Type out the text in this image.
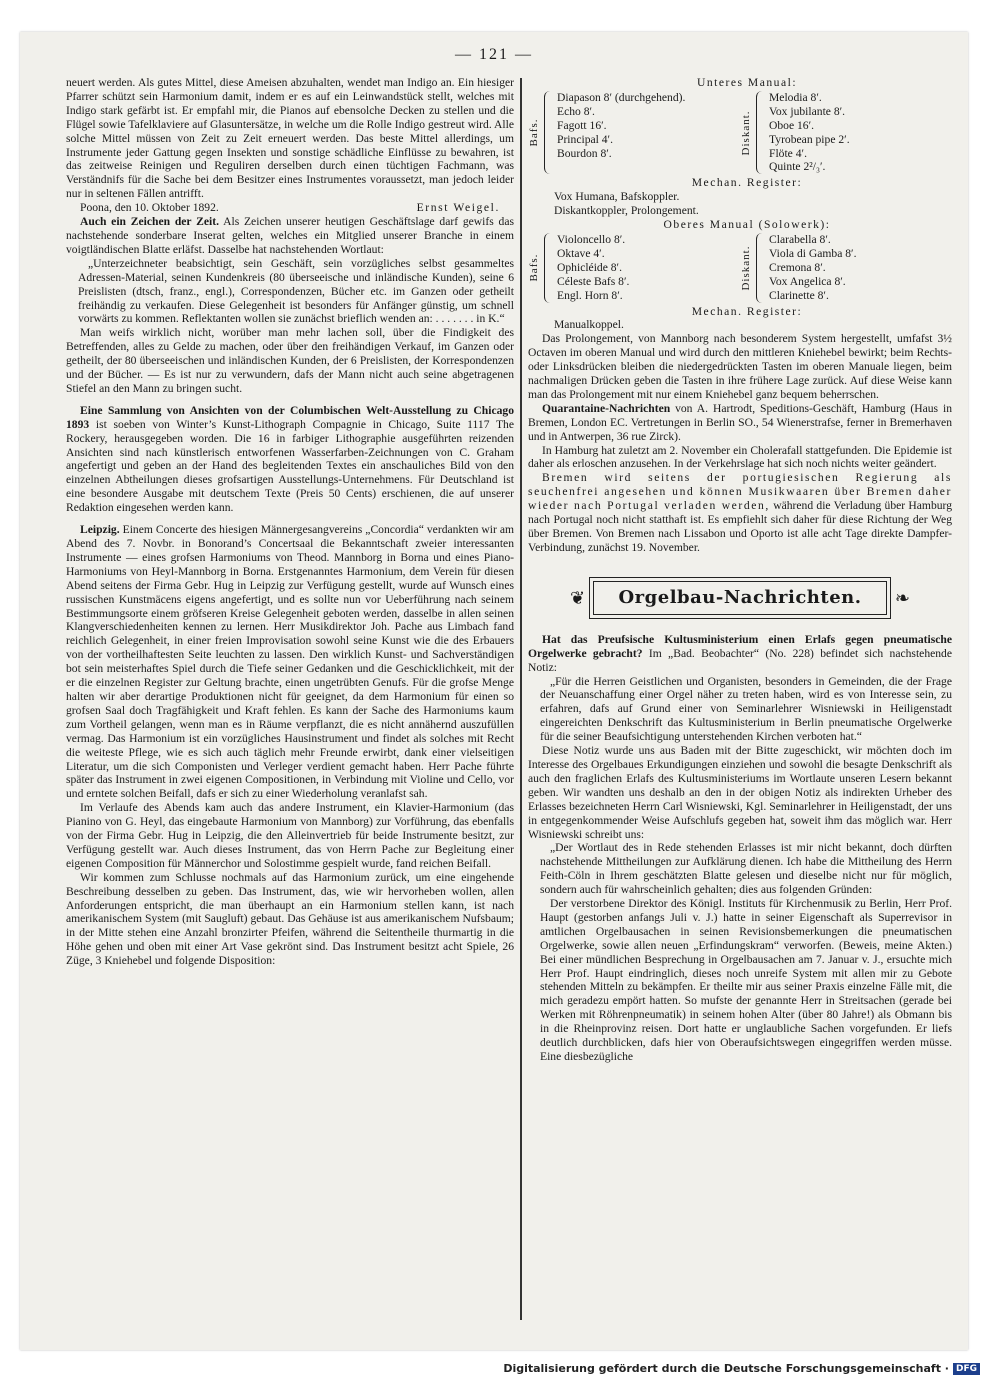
— 121 —

neuert werden. Als gutes Mittel, diese Ameisen abzuhalten, wendet man Indigo an. Ein hiesiger Pfarrer schützt sein Harmonium damit, indem er es auf ein Leinwandstück stellt, welches mit Indigo stark gefärbt ist. Er empfahl mir, die Pianos auf ebensolche Decken zu stellen und die Flügel sowie Tafelklaviere auf Glasuntersätze, in welche um die Rolle Indigo gestreut wird. Alle solche Mittel müssen von Zeit zu Zeit erneuert werden. Das beste Mittel allerdings, um Instrumente jeder Gattung gegen Insekten und sonstige schädliche Einflüsse zu bewahren, ist das zeitweise Reinigen und Reguliren derselben durch einen tüchtigen Fachmann, was Verständnifs für die Sache bei dem Besitzer eines Instrumentes voraussetzt, man jedoch leider nur in seltenen Fällen antrifft.

Poona, den 10. Oktober 1892.	Ernst Weigel.

Auch ein Zeichen der Zeit. Als Zeichen unserer heutigen Geschäftslage darf gewifs das nachstehende sonderbare Inserat gelten, welches ein Mitglied unserer Branche in einem voigtländischen Blatte erläfst. Dasselbe hat nachstehenden Wortlaut:

„Unterzeichneter beabsichtigt, sein Geschäft, sein vorzügliches selbst gesammeltes Adressen-Material, seinen Kundenkreis (80 überseeische und inländische Kunden), seine 6 Preislisten (dtsch, franz., engl.), Correspondenzen, Bücher etc. im Ganzen oder getheilt freihändig zu verkaufen. Diese Gelegenheit ist besonders für Anfänger günstig, um schnell vorwärts zu kommen. Reflektanten wollen sie zunächst brieflich wenden an: . . . . . . . in K.“

Man weifs wirklich nicht, worüber man mehr lachen soll, über die Findigkeit des Betreffenden, alles zu Gelde zu machen, oder über den freihändigen Verkauf, im Ganzen oder getheilt, der 80 überseeischen und inländischen Kunden, der 6 Preislisten, der Korrespondenzen und der Bücher. — Es ist nur zu verwundern, dafs der Mann nicht auch seine abgetragenen Stiefel an den Mann zu bringen sucht.

Eine Sammlung von Ansichten von der Columbischen Welt-Ausstellung zu Chicago 1893 ist soeben von Winter’s Kunst-Lithograph Compagnie in Chicago, Suite 1117 The Rockery, herausgegeben worden. Die 16 in farbiger Lithographie ausgeführten reizenden Ansichten sind nach künstlerisch entworfenen Wasserfarben-Zeichnungen von C. Graham angefertigt und geben an der Hand des begleitenden Textes ein anschauliches Bild von den einzelnen Abtheilungen dieses grofsartigen Ausstellungs-Unternehmens. Für Deutschland ist eine besondere Ausgabe mit deutschem Texte (Preis 50 Cents) erschienen, die auf unserer Redaktion eingesehen werden kann.

Leipzig. Einem Concerte des hiesigen Männergesangvereins „Concordia“ verdankten wir am Abend des 7. Novbr. in Bonorand’s Concertsaal die Bekanntschaft zweier interessanten Instrumente — eines grofsen Harmoniums von Theod. Mannborg in Borna und eines Piano-Harmoniums von Heyl-Mannborg in Borna. Erstgenanntes Harmonium, dem Verein für diesen Abend seitens der Firma Gebr. Hug in Leipzig zur Verfügung gestellt, wurde auf Wunsch eines russischen Kunstmäcens eigens angefertigt, und es sollte nun vor Ueberführung nach seinem Bestimmungsorte einem gröfseren Kreise Gelegenheit geboten werden, dasselbe in allen seinen Klangverschiedenheiten kennen zu lernen. Herr Musikdirektor Joh. Pache aus Limbach fand reichlich Gelegenheit, in einer freien Improvisation sowohl seine Kunst wie die des Erbauers von der vortheilhaftesten Seite leuchten zu lassen. Den wirklich Kunst- und Sachverständigen bot sein meisterhaftes Spiel durch die Tiefe seiner Gedanken und die Geschicklichkeit, mit der er die einzelnen Register zur Geltung brachte, einen ungetrübten Genufs. Für die grofse Menge halten wir aber derartige Produktionen nicht für geeignet, da dem Harmonium für einen so grofsen Saal doch Tragfähigkeit und Kraft fehlen. Es kann der Sache des Harmoniums kaum zum Vortheil gelangen, wenn man es in Räume verpflanzt, die es nicht annähernd auszufüllen vermag. Das Harmonium ist ein vorzügliches Hausinstrument und findet als solches mit Recht die weiteste Pflege, wie es sich auch täglich mehr Freunde erwirbt, dank einer vielseitigen Literatur, um die sich Componisten und Verleger verdient gemacht haben. Herr Pache führte später das Instrument in zwei eigenen Compositionen, in Verbindung mit Violine und Cello, vor und erntete solchen Beifall, dafs er sich zu einer Wiederholung veranlafst sah.

Im Verlaufe des Abends kam auch das andere Instrument, ein Klavier-Harmonium (das Pianino von G. Heyl, das eingebaute Harmonium von Mannborg) zur Vorführung, das ebenfalls von der Firma Gebr. Hug in Leipzig, die den Alleinvertrieb für beide Instrumente besitzt, zur Verfügung gestellt war. Auch dieses Instrument, das von Herrn Pache zur Begleitung einer eigenen Composition für Männerchor und Solostimme gespielt wurde, fand reichen Beifall.

Wir kommen zum Schlusse nochmals auf das Harmonium zurück, um eine eingehende Beschreibung desselben zu geben. Das Instrument, das, wie wir hervorheben wollen, allen Anforderungen entspricht, die man überhaupt an ein Harmonium stellen kann, ist nach amerikanischem System (mit Saugluft) gebaut. Das Gehäuse ist aus amerikanischem Nufsbaum; in der Mitte stehen eine Anzahl bronzirter Pfeifen, während die Seitentheile thurmartig in die Höhe gehen und oben mit einer Art Vase gekrönt sind. Das Instrument besitzt acht Spiele, 26 Züge, 3 Kniehebel und folgende Disposition:

Unteres Manual:

Bafs.
Diapason 8′ (durchgehend).
Echo 8′.
Fagott 16′.
Principal 4′.
Bourdon 8′.	Diskant.
Melodia 8′.
Vox jubilante 8′.
Oboe 16′.
Tyrobean pipe 2′.
Flöte 4′.
Quinte 2²/₃′.

Mechan. Register:

Vox Humana, Bafskoppler.
Diskantkoppler, Prolongement.

Oberes Manual (Solowerk):

Bafs.
Violoncello 8′.
Oktave 4′.
Ophicléide 8′.
Céleste Bafs 8′.
Engl. Horn 8′.
Diskant.
Clarabella 8′.
Viola di Gamba 8′.
Cremona 8′.
Vox Angelica 8′.
Clarinette 8′.

Mechan. Register:

Manualkoppel.

Das Prolongement, von Mannborg nach besonderem System hergestellt, umfafst 3½ Octaven im oberen Manual und wird durch den mittleren Kniehebel bewirkt; beim Rechts- oder Linksdrücken bleiben die niedergedrückten Tasten im oberen Manuale liegen, beim nachmaligen Drücken geben die Tasten in ihre frühere Lage zurück. Auf diese Weise kann man das Prolongement mit nur einem Kniehebel ganz bequem beherrschen.

Quarantaine-Nachrichten von A. Hartrodt, Speditions-Geschäft, Hamburg (Haus in Bremen, London EC. Vertretungen in Berlin SO., 54 Wienerstrafse, ferner in Bremerhaven und in Antwerpen, 36 rue Zirck).

In Hamburg hat zuletzt am 2. November ein Cholerafall stattgefunden. Die Epidemie ist daher als erloschen anzusehen. In der Verkehrslage hat sich noch nichts weiter geändert.

Bremen wird seitens der portugiesischen Regierung als seuchenfrei angesehen und können Musikwaaren über Bremen daher wieder nach Portugal verladen werden, während die Verladung über Hamburg nach Portugal noch nicht statthaft ist. Es empfiehlt sich daher für diese Richtung der Weg über Bremen. Von Bremen nach Lissabon und Oporto ist alle acht Tage direkte Dampfer-Verbindung, zunächst 19. November.

❦ Orgelbau-Nachrichten. ❧

Hat das Preufsische Kultusministerium einen Erlafs gegen pneumatische Orgelwerke gebracht? Im „Bad. Beobachter“ (No. 228) befindet sich nachstehende Notiz:

„Für die Herren Geistlichen und Organisten, besonders in Gemeinden, die der Frage der Neuanschaffung einer Orgel näher zu treten haben, wird es von Interesse sein, zu erfahren, dafs auf Grund einer von Seminarlehrer Wisniewski in Heiligenstadt eingereichten Denkschrift das Kultusministerium in Berlin pneumatische Orgelwerke für die seiner Beaufsichtigung unterstehenden Kirchen verboten hat.“

Diese Notiz wurde uns aus Baden mit der Bitte zugeschickt, wir möchten doch im Interesse des Orgelbaues Erkundigungen einziehen und sowohl die besagte Denkschrift als auch den fraglichen Erlafs des Kultusministeriums im Wortlaute unseren Lesern bekannt geben. Wir wandten uns deshalb an den in der obigen Notiz als indirekten Urheber des Erlasses bezeichneten Herrn Carl Wisniewski, Kgl. Seminarlehrer in Heiligenstadt, der uns in entgegenkommender Weise Aufschlufs gegeben hat, soweit ihm das möglich war. Herr Wisniewski schreibt uns:

„Der Wortlaut des in Rede stehenden Erlasses ist mir nicht bekannt, doch dürften nachstehende Mittheilungen zur Aufklärung dienen. Ich habe die Mittheilung des Herrn Feith-Cöln in Ihrem geschätzten Blatte gelesen und dieselbe nicht nur für möglich, sondern auch für wahrscheinlich gehalten; dies aus folgenden Gründen:

Der verstorbene Direktor des Königl. Instituts für Kirchenmusik zu Berlin, Herr Prof. Haupt (gestorben anfangs Juli v. J.) hatte in seiner Eigenschaft als Superrevisor in amtlichen Orgelbausachen in seinen Revisionsbemerkungen die pneumatischen Orgelwerke, sowie allen neuen „Erfindungskram“ verworfen. (Beweis, meine Akten.) Bei einer mündlichen Besprechung in Orgelbausachen am 7. Januar v. J., ersuchte mich Herr Prof. Haupt eindringlich, dieses noch unreife System mit allen mir zu Gebote stehenden Mitteln zu bekämpfen. Er theilte mir aus seiner Praxis einzelne Fälle mit, die mich geradezu empört hatten. So mufste der genannte Herr in Streitsachen (gerade bei Werken mit Röhrenpneumatik) in seinem hohen Alter (über 80 Jahre!) als Obmann bis in die Rheinprovinz reisen. Dort hatte er unglaubliche Sachen vorgefunden. Er liefs deutlich durchblicken, dafs hier von Oberaufsichtswegen eingegriffen werden müsse. Eine diesbezügliche

Digitalisierung gefördert durch die Deutsche Forschungsgemeinschaft · DFG
